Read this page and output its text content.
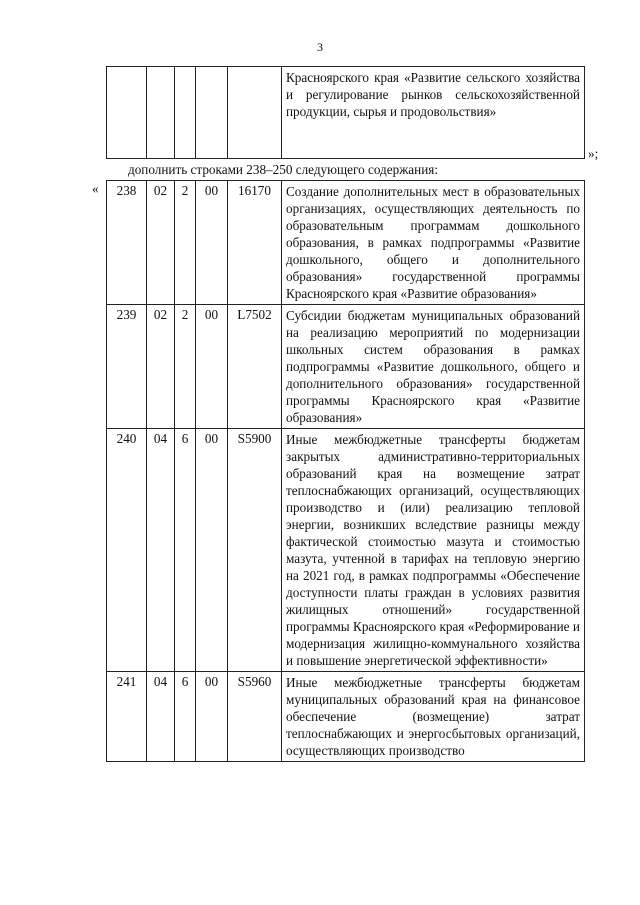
3
					Красноярского края «Развитие сельского хозяйства и регулирование рынков сельскохозяйственной продукции, сырья и продовольствия»
»;
дополнить строками 238–250 следующего содержания:
« 238	02	2	00	16170	Создание дополнительных мест в образовательных организациях, осуществляющих деятельность по образовательным программам дошкольного образования, в рамках подпрограммы «Развитие дошкольного, общего и дополнительного образования» государственной программы Красноярского края «Развитие образования»
239	02	2	00	L7502	Субсидии бюджетам муниципальных образований на реализацию мероприятий по модернизации школьных систем образования в рамках подпрограммы «Развитие дошкольного, общего и дополнительного образования» государственной программы Красноярского края «Развитие образования»
240	04	6	00	S5900	Иные межбюджетные трансферты бюджетам закрытых административно-территориальных образований края на возмещение затрат теплоснабжающих организаций, осуществляющих производство и (или) реализацию тепловой энергии, возникших вследствие разницы между фактической стоимостью мазута и стоимостью мазута, учтенной в тарифах на тепловую энергию на 2021 год, в рамках подпрограммы «Обеспечение доступности платы граждан в условиях развития жилищных отношений» государственной программы Красноярского края «Реформирование и модернизация жилищно-коммунального хозяйства и повышение энергетической эффективности»
241	04	6	00	S5960	Иные межбюджетные трансферты бюджетам муниципальных образований края на финансовое обеспечение (возмещение) затрат теплоснабжающих и энергосбытовых организаций, осуществляющих производство
